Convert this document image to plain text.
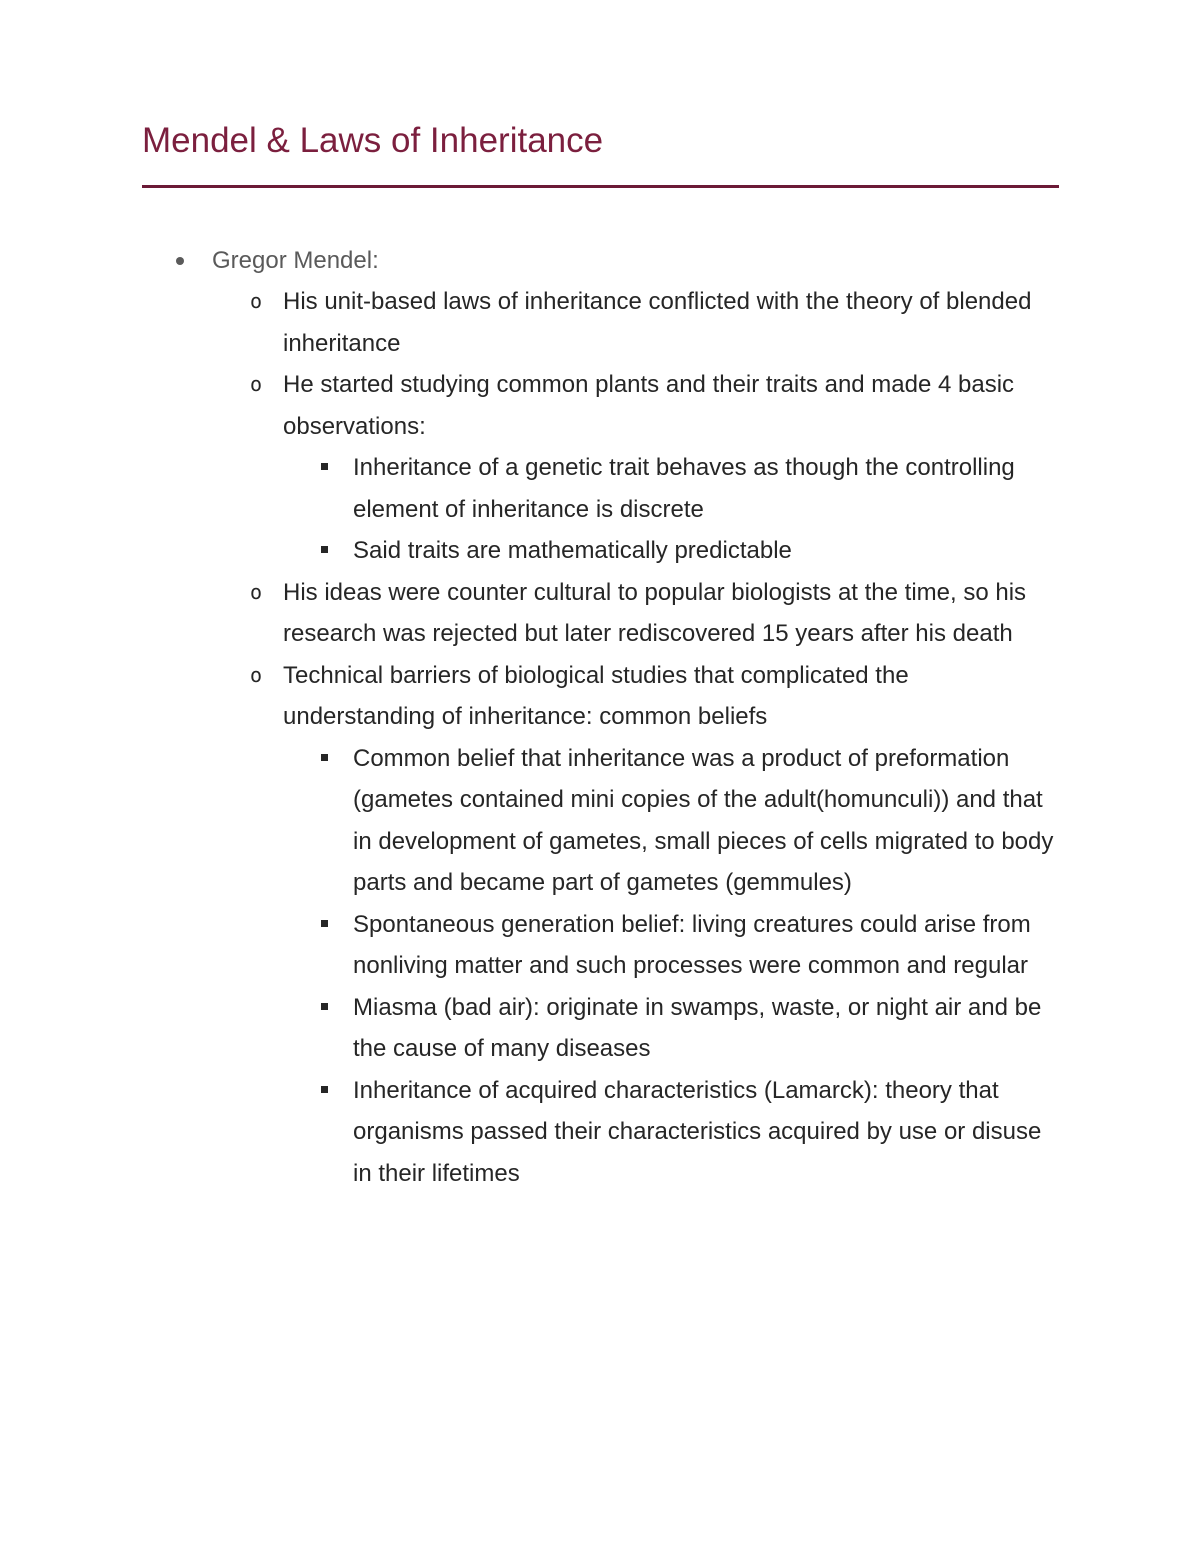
Mendel & Laws of Inheritance
Gregor Mendel:
o His unit-based laws of inheritance conflicted with the theory of blended inheritance
o He started studying common plants and their traits and made 4 basic observations:
Inheritance of a genetic trait behaves as though the controlling element of inheritance is discrete
Said traits are mathematically predictable
o His ideas were counter cultural to popular biologists at the time, so his research was rejected but later rediscovered 15 years after his death
o Technical barriers of biological studies that complicated the understanding of inheritance: common beliefs
Common belief that inheritance was a product of preformation (gametes contained mini copies of the adult(homunculi)) and that in development of gametes, small pieces of cells migrated to body parts and became part of gametes (gemmules)
Spontaneous generation belief: living creatures could arise from nonliving matter and such processes were common and regular
Miasma (bad air): originate in swamps, waste, or night air and be the cause of many diseases
Inheritance of acquired characteristics (Lamarck): theory that organisms passed their characteristics acquired by use or disuse in their lifetimes
